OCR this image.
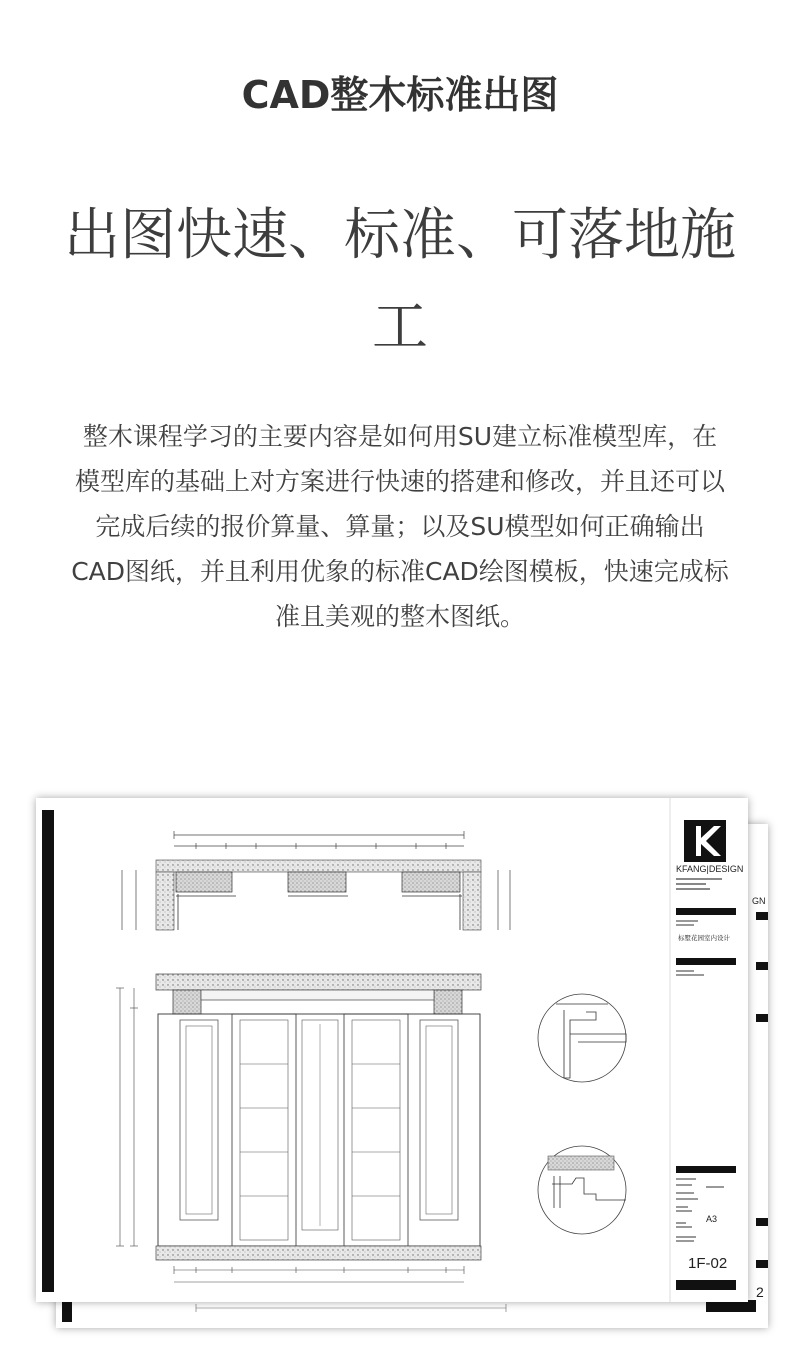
CAD整木标准出图
出图快速、标准、可落地施
工
整木课程学习的主要内容是如何用SU建立标准模型库，在
模型库的基础上对方案进行快速的搭建和修改，并且还可以
完成后续的报价算量、算量；以及SU模型如何正确输出
CAD图纸，并且利用优象的标准CAD绘图模板，快速完成标
准且美观的整木图纸。
GN
2
KFANG|DESIGN
标墅花园室内设计
A3
1F-02
